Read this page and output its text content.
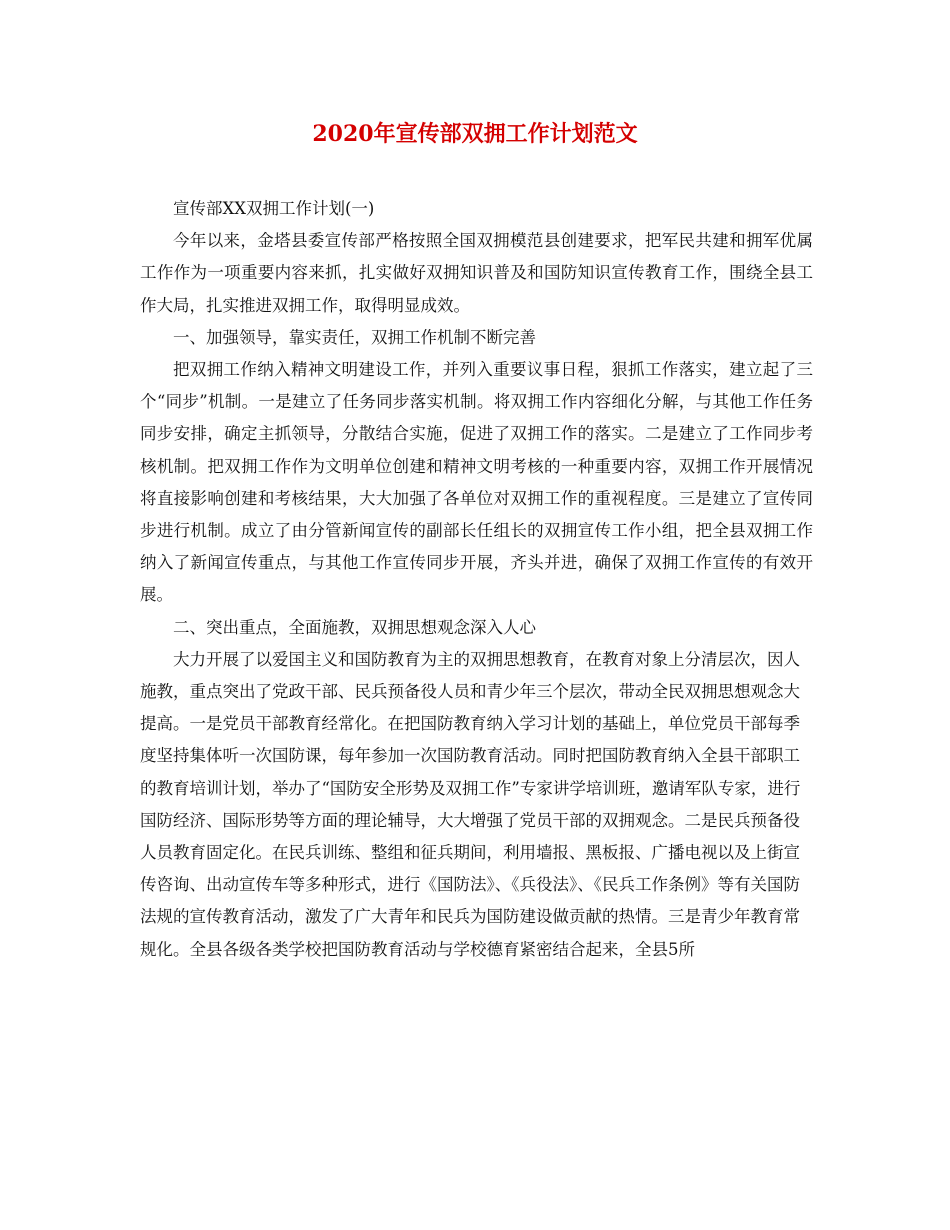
2020年宣传部双拥工作计划范文

宣传部XX双拥工作计划(一)

今年以来，金塔县委宣传部严格按照全国双拥模范县创建要求，把军民共建和拥军优属工作作为一项重要内容来抓，扎实做好双拥知识普及和国防知识宣传教育工作，围绕全县工作大局，扎实推进双拥工作，取得明显成效。

一、加强领导，靠实责任，双拥工作机制不断完善

把双拥工作纳入精神文明建设工作，并列入重要议事日程，狠抓工作落实，建立起了三个“同步”机制。一是建立了任务同步落实机制。将双拥工作内容细化分解，与其他工作任务同步安排，确定主抓领导，分散结合实施，促进了双拥工作的落实。二是建立了工作同步考核机制。把双拥工作作为文明单位创建和精神文明考核的一种重要内容，双拥工作开展情况将直接影响创建和考核结果，大大加强了各单位对双拥工作的重视程度。三是建立了宣传同步进行机制。成立了由分管新闻宣传的副部长任组长的双拥宣传工作小组，把全县双拥工作纳入了新闻宣传重点，与其他工作宣传同步开展，齐头并进，确保了双拥工作宣传的有效开展。

二、突出重点，全面施教，双拥思想观念深入人心

大力开展了以爱国主义和国防教育为主的双拥思想教育，在教育对象上分清层次，因人施教，重点突出了党政干部、民兵预备役人员和青少年三个层次，带动全民双拥思想观念大提高。一是党员干部教育经常化。在把国防教育纳入学习计划的基础上，单位党员干部每季度坚持集体听一次国防课，每年参加一次国防教育活动。同时把国防教育纳入全县干部职工的教育培训计划，举办了“国防安全形势及双拥工作”专家讲学培训班，邀请军队专家，进行国防经济、国际形势等方面的理论辅导，大大增强了党员干部的双拥观念。二是民兵预备役人员教育固定化。在民兵训练、整组和征兵期间，利用墙报、黑板报、广播电视以及上街宣传咨询、出动宣传车等多种形式，进行《国防法》、《兵役法》、《民兵工作条例》等有关国防法规的宣传教育活动，激发了广大青年和民兵为国防建设做贡献的热情。三是青少年教育常规化。全县各级各类学校把国防教育活动与学校德育紧密结合起来，全县5所
